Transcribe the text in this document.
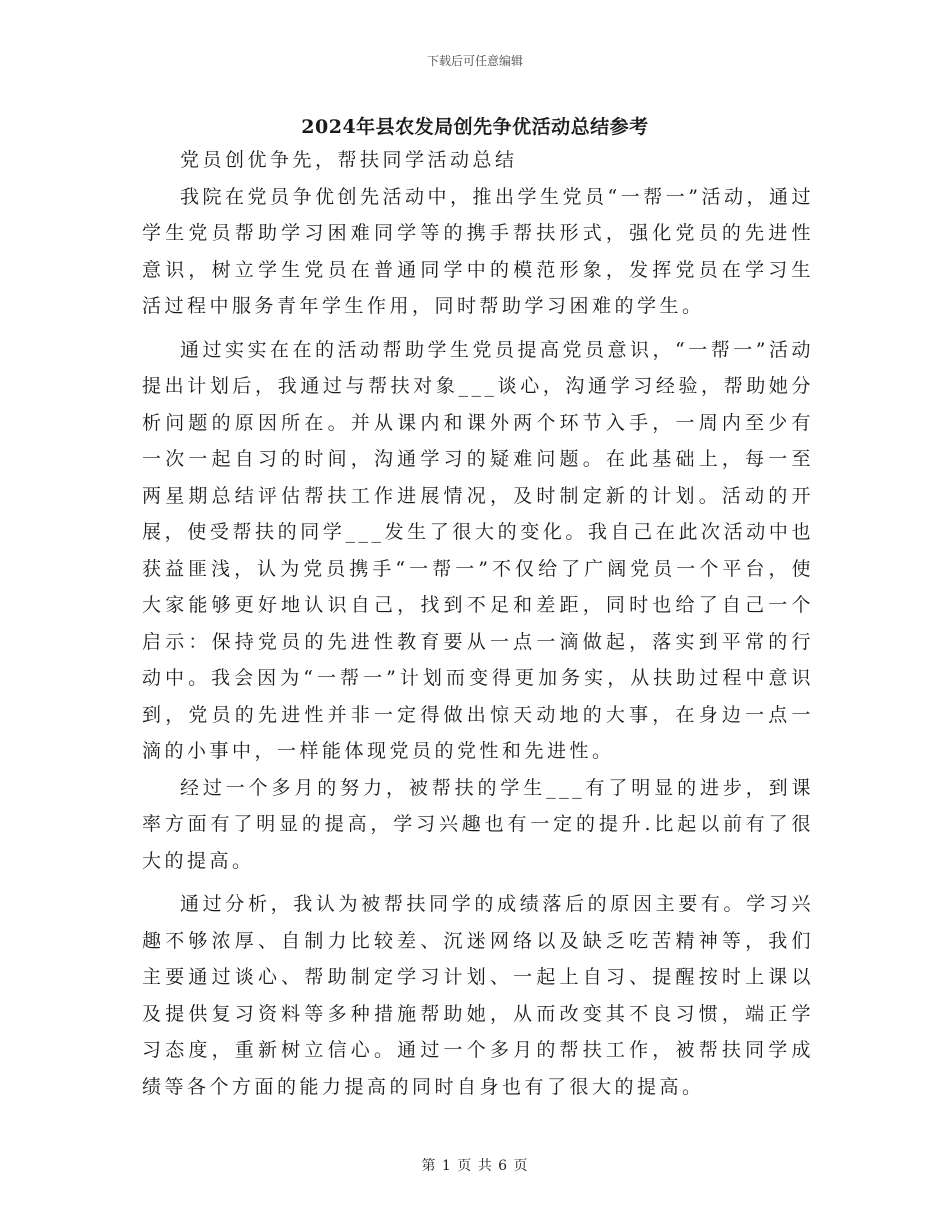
下载后可任意编辑
2024年县农发局创先争优活动总结参考

党员创优争先，帮扶同学活动总结

我院在党员争优创先活动中，推出学生党员“一帮一”活动，通过学生党员帮助学习困难同学等的携手帮扶形式，强化党员的先进性意识，树立学生党员在普通同学中的模范形象，发挥党员在学习生活过程中服务青年学生作用，同时帮助学习困难的学生。

通过实实在在的活动帮助学生党员提高党员意识，“一帮一”活动提出计划后，我通过与帮扶对象___谈心，沟通学习经验，帮助她分析问题的原因所在。并从课内和课外两个环节入手，一周内至少有一次一起自习的时间，沟通学习的疑难问题。在此基础上，每一至两星期总结评估帮扶工作进展情况，及时制定新的计划。活动的开展，使受帮扶的同学___发生了很大的变化。我自己在此次活动中也获益匪浅，认为党员携手“一帮一”不仅给了广阔党员一个平台，使大家能够更好地认识自己，找到不足和差距，同时也给了自己一个启示：保持党员的先进性教育要从一点一滴做起，落实到平常的行动中。我会因为“一帮一”计划而变得更加务实，从扶助过程中意识到，党员的先进性并非一定得做出惊天动地的大事，在身边一点一滴的小事中，一样能体现党员的党性和先进性。

经过一个多月的努力，被帮扶的学生___有了明显的进步，到课率方面有了明显的提高，学习兴趣也有一定的提升.比起以前有了很大的提高。

通过分析，我认为被帮扶同学的成绩落后的原因主要有。学习兴趣不够浓厚、自制力比较差、沉迷网络以及缺乏吃苦精神等，我们主要通过谈心、帮助制定学习计划、一起上自习、提醒按时上课以及提供复习资料等多种措施帮助她，从而改变其不良习惯，端正学习态度，重新树立信心。通过一个多月的帮扶工作，被帮扶同学成绩等各个方面的能力提高的同时自身也有了很大的提高。

第 1 页 共 6 页
